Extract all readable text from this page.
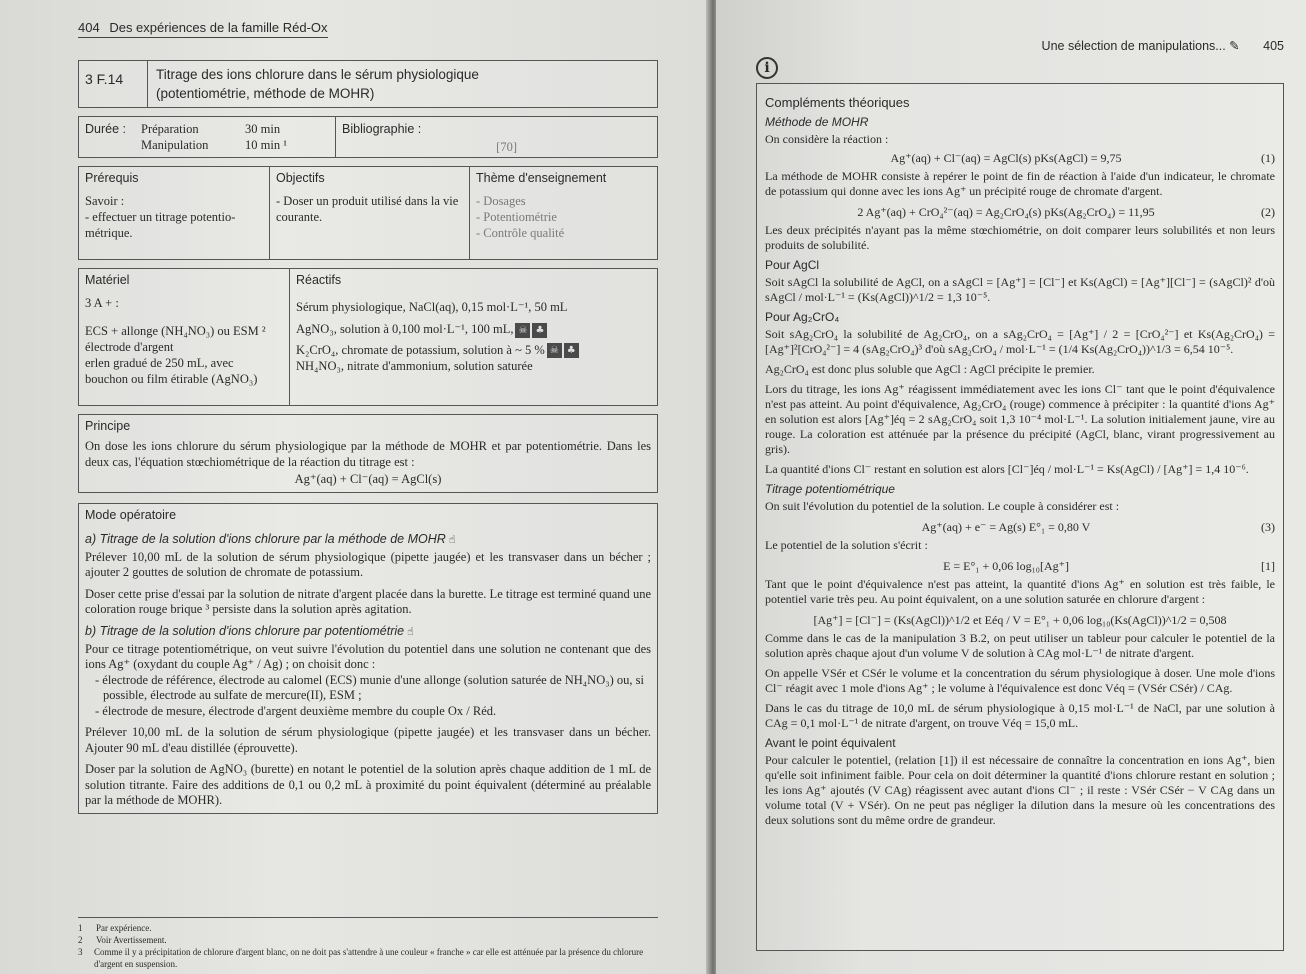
404 Des expériences de la famille Réd-Ox
3 F.14	Titrage des ions chlorure dans le sérum physiologique
(potentiométrie, méthode de MOHR)
Durée :	Préparation	30 min
Manipulation	10 min ¹
Bibliographie :
[70]
Prérequis
Savoir :
- effectuer un titrage potentio-
métrique.
Objectifs
- Doser un produit utilisé dans la vie courante.
Thème d'enseignement
- Dosages
- Potentiométrie
- Contrôle qualité
Matériel
3 A + :
ECS + allonge (NH₄NO₃) ou ESM ²
électrode d'argent
erlen gradué de 250 mL, avec
bouchon ou film étirable (AgNO₃)
Réactifs
Sérum physiologique, NaCl(aq), 0,15 mol·L⁻¹, 50 mL
AgNO₃, solution à 0,100 mol·L⁻¹, 100 mL, ☠ ♣
K₂CrO₄, chromate de potassium, solution à ~ 5 % ☠ ♣
NH₄NO₃, nitrate d'ammonium, solution saturée
Principe

On dose les ions chlorure du sérum physiologique par la méthode de MOHR et par potentiométrie. Dans les deux cas, l'équation stœchiométrique de la réaction du titrage est :

Ag⁺(aq) + Cl⁻(aq) = AgCl(s)

Mode opératoire
a) Titrage de la solution d'ions chlorure par la méthode de MOHR ☝

Prélever 10,00 mL de la solution de sérum physiologique (pipette jaugée) et les transvaser dans un bécher ; ajouter 2 gouttes de solution de chromate de potassium.

Doser cette prise d'essai par la solution de nitrate d'argent placée dans la burette. Le titrage est terminé quand une coloration rouge brique ³ persiste dans la solution après agitation.

b) Titrage de la solution d'ions chlorure par potentiométrie ☝

Pour ce titrage potentiométrique, on veut suivre l'évolution du potentiel dans une solution ne contenant que des ions Ag⁺ (oxydant du couple Ag⁺ / Ag) ; on choisit donc :

- électrode de référence, électrode au calomel (ECS) munie d'une allonge (solution saturée de NH₄NO₃) ou, si possible, électrode au sulfate de mercure(II), ESM ;
- électrode de mesure, électrode d'argent deuxième membre du couple Ox / Réd.

Prélever 10,00 mL de la solution de sérum physiologique (pipette jaugée) et les transvaser dans un bécher. Ajouter 90 mL d'eau distillée (éprouvette).

Doser par la solution de AgNO₃ (burette) en notant le potentiel de la solution après chaque addition de 1 mL de solution titrante. Faire des additions de 0,1 ou 0,2 mL à proximité du point équivalent (déterminé au préalable par la méthode de MOHR).

1	Par expérience.
2	Voir Avertissement.
3	Comme il y a précipitation de chlorure d'argent blanc, on ne doit pas s'attendre à une couleur « franche » car elle est atténuée par la présence du chlorure d'argent en suspension.
Une sélection de manipulations... ✎ 405
i
Compléments théoriques
Méthode de MOHR

On considère la réaction :

Ag⁺(aq) + Cl⁻(aq) = AgCl(s) pKs(AgCl) = 9,75	(1)

La méthode de MOHR consiste à repérer le point de fin de réaction à l'aide d'un indicateur, le chromate de potassium qui donne avec les ions Ag⁺ un précipité rouge de chromate d'argent.

2 Ag⁺(aq) + CrO₄²⁻(aq) = Ag₂CrO₄(s) pKs(Ag₂CrO₄) = 11,95	(2)

Les deux précipités n'ayant pas la même stœchiométrie, on doit comparer leurs solubilités et non leurs produits de solubilité.

Pour AgCl

Soit sAgCl la solubilité de AgCl, on a sAgCl = [Ag⁺] = [Cl⁻] et Ks(AgCl) = [Ag⁺][Cl⁻] = (sAgCl)² d'où sAgCl / mol·L⁻¹ = (Ks(AgCl))^1/2 = 1,3 10⁻⁵.

Pour Ag₂CrO₄

Soit sAg₂CrO₄ la solubilité de Ag₂CrO₄, on a sAg₂CrO₄ = [Ag⁺] / 2 = [CrO₄²⁻] et Ks(Ag₂CrO₄) = [Ag⁺]²[CrO₄²⁻] = 4 (sAg₂CrO₄)³ d'où sAg₂CrO₄ / mol·L⁻¹ = (1/4 Ks(Ag₂CrO₄))^1/3 = 6,54 10⁻⁵.

Ag₂CrO₄ est donc plus soluble que AgCl : AgCl précipite le premier.

Lors du titrage, les ions Ag⁺ réagissent immédiatement avec les ions Cl⁻ tant que le point d'équivalence n'est pas atteint. Au point d'équivalence, Ag₂CrO₄ (rouge) commence à précipiter : la quantité d'ions Ag⁺ en solution est alors [Ag⁺]éq = 2 sAg₂CrO₄ soit 1,3 10⁻⁴ mol·L⁻¹. La solution initialement jaune, vire au rouge. La coloration est atténuée par la présence du précipité (AgCl, blanc, virant progressivement au gris).

La quantité d'ions Cl⁻ restant en solution est alors [Cl⁻]éq / mol·L⁻¹ = Ks(AgCl) / [Ag⁺] = 1,4 10⁻⁶.

Titrage potentiométrique

On suit l'évolution du potentiel de la solution. Le couple à considérer est :

Ag⁺(aq) + e⁻ = Ag(s) E°₁ = 0,80 V	(3)

Le potentiel de la solution s'écrit :

E = E°₁ + 0,06 log₁₀[Ag⁺]	[1]

Tant que le point d'équivalence n'est pas atteint, la quantité d'ions Ag⁺ en solution est très faible, le potentiel varie très peu. Au point équivalent, on a une solution saturée en chlorure d'argent :

[Ag⁺] = [Cl⁻] = (Ks(AgCl))^1/2 et Eéq / V = E°₁ + 0,06 log₁₀(Ks(AgCl))^1/2 = 0,508

Comme dans le cas de la manipulation 3 B.2, on peut utiliser un tableur pour calculer le potentiel de la solution après chaque ajout d'un volume V de solution à CAg mol·L⁻¹ de nitrate d'argent.

On appelle VSér et CSér le volume et la concentration du sérum physiologique à doser. Une mole d'ions Cl⁻ réagit avec 1 mole d'ions Ag⁺ ; le volume à l'équivalence est donc Véq = (VSér CSér) / CAg.

Dans le cas du titrage de 10,0 mL de sérum physiologique à 0,15 mol·L⁻¹ de NaCl, par une solution à CAg = 0,1 mol·L⁻¹ de nitrate d'argent, on trouve Véq = 15,0 mL.

Avant le point équivalent

Pour calculer le potentiel, (relation [1]) il est nécessaire de connaître la concentration en ions Ag⁺, bien qu'elle soit infiniment faible. Pour cela on doit déterminer la quantité d'ions chlorure restant en solution ; les ions Ag⁺ ajoutés (V CAg) réagissent avec autant d'ions Cl⁻ ; il reste : VSér CSér − V CAg dans un volume total (V + VSér). On ne peut pas négliger la dilution dans la mesure où les concentrations des deux solutions sont du même ordre de grandeur.
